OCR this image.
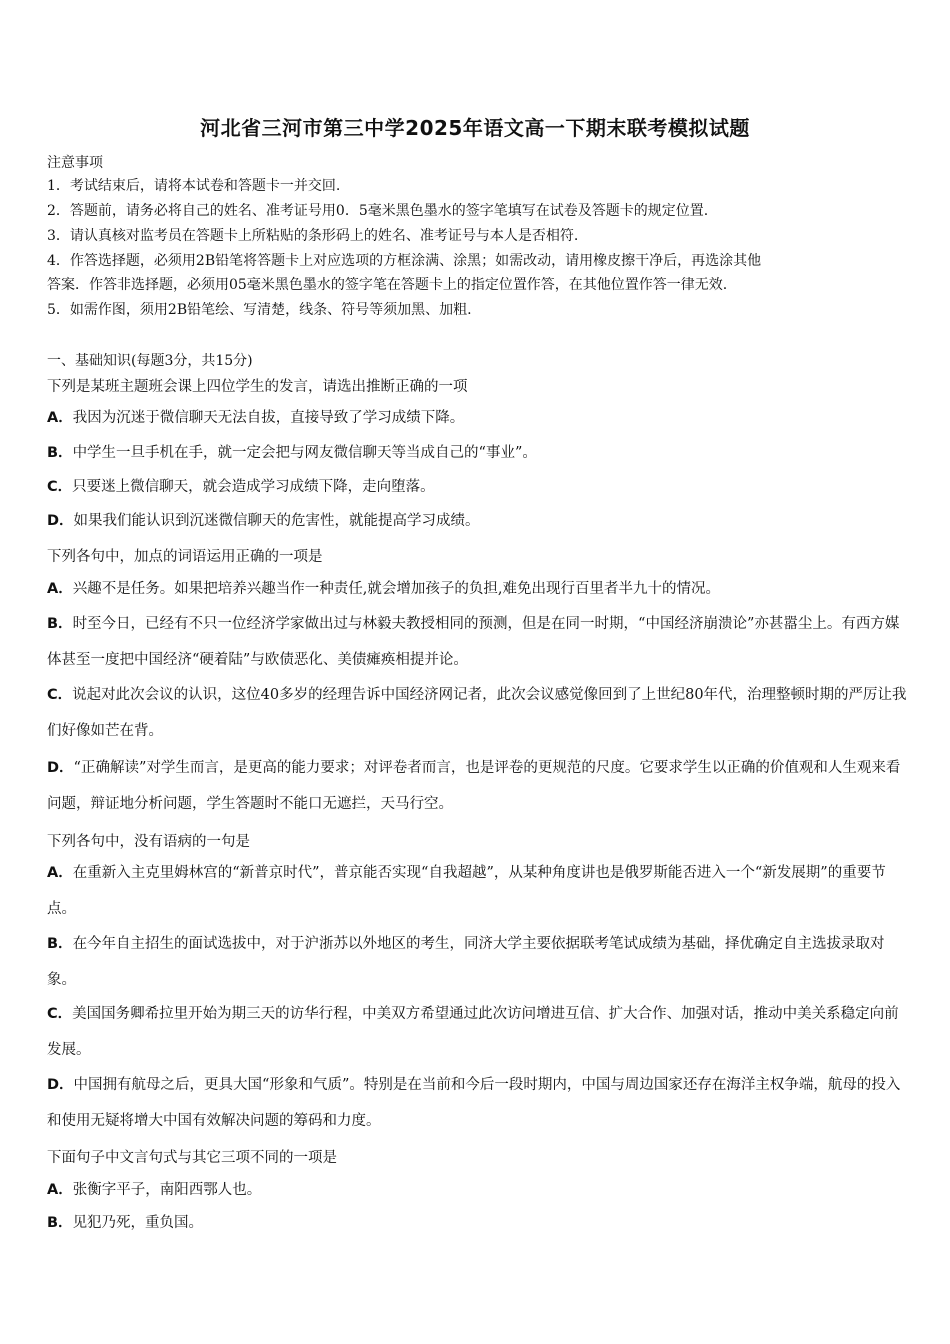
河北省三河市第三中学2025年语文高一下期末联考模拟试题
注意事项
1．考试结束后，请将本试卷和答题卡一并交回.
2．答题前，请务必将自己的姓名、准考证号用0．5毫米黑色墨水的签字笔填写在试卷及答题卡的规定位置.
3．请认真核对监考员在答题卡上所粘贴的条形码上的姓名、准考证号与本人是否相符.
4．作答选择题，必须用2B铅笔将答题卡上对应选项的方框涂满、涂黑；如需改动，请用橡皮擦干净后，再选涂其他
答案．作答非选择题，必须用05毫米黑色墨水的签字笔在答题卡上的指定位置作答，在其他位置作答一律无效.
5．如需作图，须用2B铅笔绘、写清楚，线条、符号等须加黑、加粗.
一、基础知识(每题3分，共15分)
下列是某班主题班会课上四位学生的发言，请选出推断正确的一项
A．我因为沉迷于微信聊天无法自拔，直接导致了学习成绩下降。
B．中学生一旦手机在手，就一定会把与网友微信聊天等当成自己的“事业”。
C．只要迷上微信聊天，就会造成学习成绩下降，走向堕落。
D．如果我们能认识到沉迷微信聊天的危害性，就能提高学习成绩。
下列各句中，加点的词语运用正确的一项是
A．兴趣不是任务。如果把培养兴趣当作一种责任,就会增加孩子的负担,难免出现行百里者半九十的情况。
B．时至今日，已经有不只一位经济学家做出过与林毅夫教授相同的预测，但是在同一时期，“中国经济崩溃论”亦甚嚣尘上。有西方媒体甚至一度把中国经济“硬着陆”与欧债恶化、美债瘫痪相提并论。
C．说起对此次会议的认识，这位40多岁的经理告诉中国经济网记者，此次会议感觉像回到了上世纪80年代，治理整顿时期的严厉让我们好像如芒在背。
D．“正确解读”对学生而言，是更高的能力要求；对评卷者而言，也是评卷的更规范的尺度。它要求学生以正确的价值观和人生观来看问题，辩证地分析问题，学生答题时不能口无遮拦，天马行空。
下列各句中，没有语病的一句是
A．在重新入主克里姆林宫的“新普京时代”，普京能否实现“自我超越”，从某种角度讲也是俄罗斯能否进入一个“新发展期”的重要节点。
B．在今年自主招生的面试选拔中，对于沪浙苏以外地区的考生，同济大学主要依据联考笔试成绩为基础，择优确定自主选拔录取对象。
C．美国国务卿希拉里开始为期三天的访华行程，中美双方希望通过此次访问增进互信、扩大合作、加强对话，推动中美关系稳定向前发展。
D．中国拥有航母之后，更具大国“形象和气质”。特别是在当前和今后一段时期内，中国与周边国家还存在海洋主权争端，航母的投入和使用无疑将增大中国有效解决问题的筹码和力度。
下面句子中文言句式与其它三项不同的一项是
A．张衡字平子，南阳西鄂人也。
B．见犯乃死，重负国。
